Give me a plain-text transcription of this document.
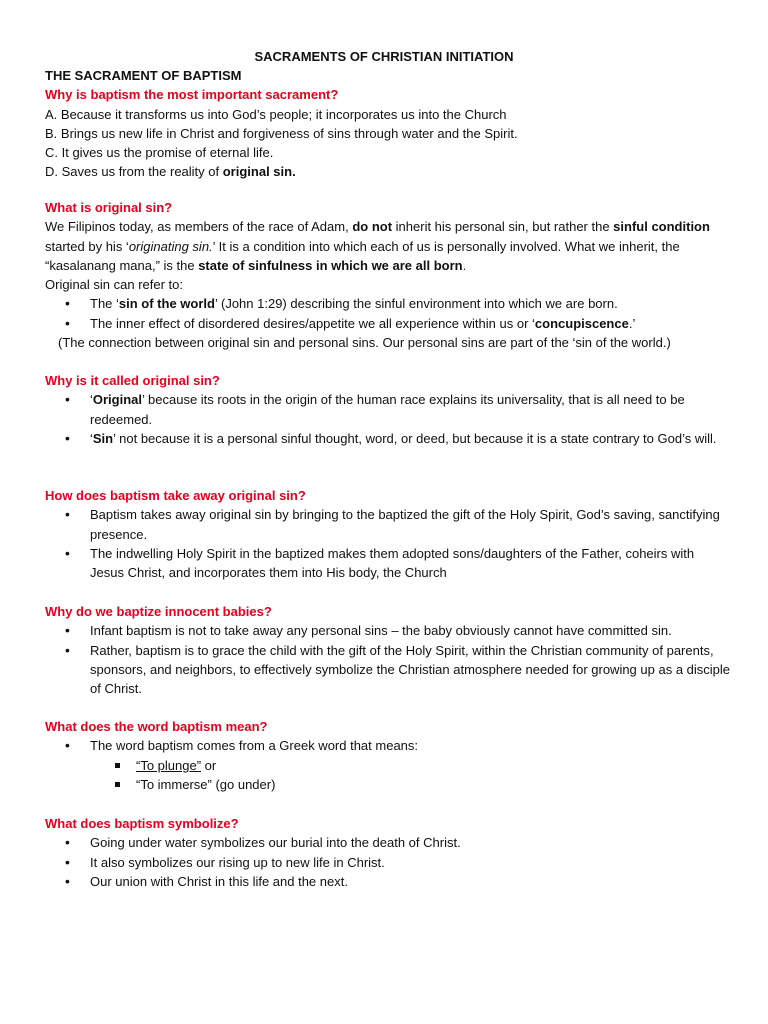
SACRAMENTS OF CHRISTIAN INITIATION
THE SACRAMENT OF BAPTISM
Why is baptism the most important sacrament?

A. Because it transforms us into God’s people; it incorporates us into the Church

B. Brings us new life in Christ and forgiveness of sins through water and the Spirit.

C. It gives us the promise of eternal life.

D. Saves us from the reality of original sin.

What is original sin?

We Filipinos today, as members of the race of Adam, do not inherit his personal sin, but rather the sinful condition started by his ‘originating sin.’ It is a condition into which each of us is personally involved. What we inherit, the “kasalanang mana,” is the state of sinfulness in which we are all born.

Original sin can refer to:

• The ‘sin of the world’ (John 1:29) describing the sinful environment into which we are born.
• The inner effect of disordered desires/appetite we all experience within us or ‘concupiscence.’

(The connection between original sin and personal sins. Our personal sins are part of the ‘sin of the world.)

Why is it called original sin?
• ‘Original’ because its roots in the origin of the human race explains its universality, that is all need to be redeemed.
• ‘Sin’ not because it is a personal sinful thought, word, or deed, but because it is a state contrary to God’s will.
How does baptism take away original sin?
• Baptism takes away original sin by bringing to the baptized the gift of the Holy Spirit, God’s saving, sanctifying presence.
• The indwelling Holy Spirit in the baptized makes them adopted sons/daughters of the Father, coheirs with Jesus Christ, and incorporates them into His body, the Church
Why do we baptize innocent babies?
• Infant baptism is not to take away any personal sins – the baby obviously cannot have committed sin.
• Rather, baptism is to grace the child with the gift of the Holy Spirit, within the Christian community of parents, sponsors, and neighbors, to effectively symbolize the Christian atmosphere needed for growing up as a disciple of Christ.
What does the word baptism mean?
• The word baptism comes from a Greek word that means:
“To plunge” or
“To immerse” (go under)
What does baptism symbolize?
• Going under water symbolizes our burial into the death of Christ.
• It also symbolizes our rising up to new life in Christ.
• Our union with Christ in this life and the next.
